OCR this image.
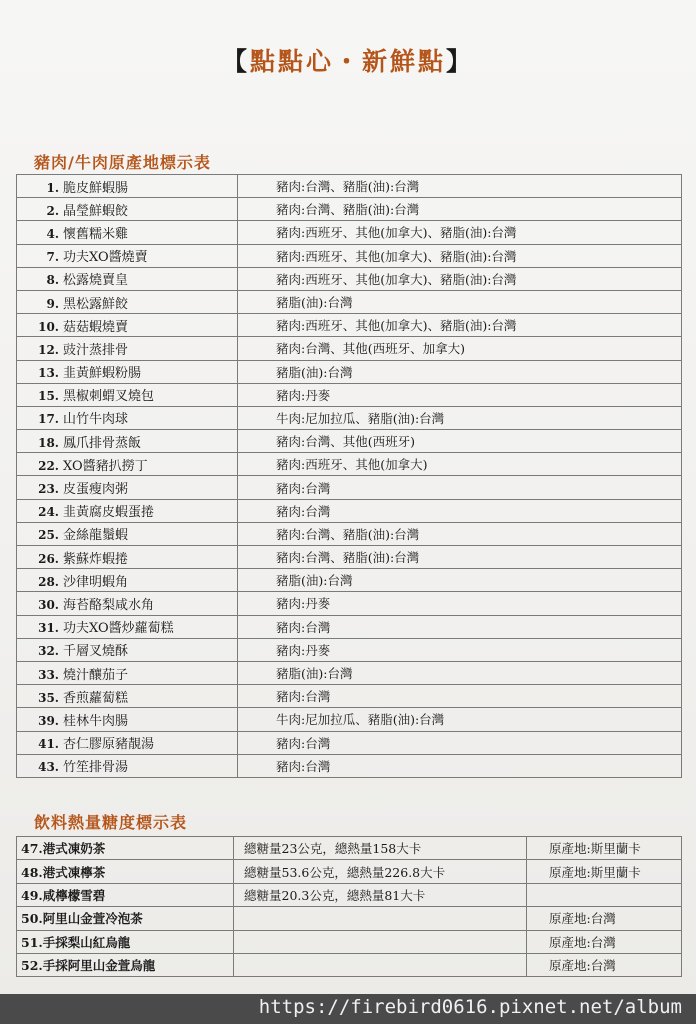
【點點心・新鮮點】
豬肉/牛肉原產地標示表
1. 脆皮鮮蝦腸	豬肉:台灣、豬脂(油):台灣
2. 晶瑩鮮蝦餃	豬肉:台灣、豬脂(油):台灣
4. 懷舊糯米雞	豬肉:西班牙、其他(加拿大)、豬脂(油):台灣
7. 功夫XO醬燒賣	豬肉:西班牙、其他(加拿大)、豬脂(油):台灣
8. 松露燒賣皇	豬肉:西班牙、其他(加拿大)、豬脂(油):台灣
9. 黑松露鮮餃	豬脂(油):台灣
10. 菇菇蝦燒賣	豬肉:西班牙、其他(加拿大)、豬脂(油):台灣
12. 豉汁蒸排骨	豬肉:台灣、其他(西班牙、加拿大)
13. 韭黃鮮蝦粉腸	豬脂(油):台灣
15. 黑椒刺蝟叉燒包	豬肉:丹麥
17. 山竹牛肉球	牛肉:尼加拉瓜、豬脂(油):台灣
18. 鳳爪排骨蒸飯	豬肉:台灣、其他(西班牙)
22. XO醬豬扒撈丁	豬肉:西班牙、其他(加拿大)
23. 皮蛋瘦肉粥	豬肉:台灣
24. 韭黃腐皮蝦蛋捲	豬肉:台灣
25. 金絲龍鬚蝦	豬肉:台灣、豬脂(油):台灣
26. 紫蘇炸蝦捲	豬肉:台灣、豬脂(油):台灣
28. 沙律明蝦角	豬脂(油):台灣
30. 海苔酪梨咸水角	豬肉:丹麥
31. 功夫XO醬炒蘿蔔糕	豬肉:台灣
32. 千層叉燒酥	豬肉:丹麥
33. 燒汁釀茄子	豬脂(油):台灣
35. 香煎蘿蔔糕	豬肉:台灣
39. 桂林牛肉腸	牛肉:尼加拉瓜、豬脂(油):台灣
41. 杏仁膠原豬靚湯	豬肉:台灣
43. 竹笙排骨湯	豬肉:台灣
飲料熱量糖度標示表
47.港式凍奶茶	總糖量23公克，總熱量158大卡	原產地:斯里蘭卡
48.港式凍檸茶	總糖量53.6公克，總熱量226.8大卡	原產地:斯里蘭卡
49.咸檸檬雪碧	總糖量20.3公克，總熱量81大卡	
50.阿里山金萱冷泡茶		原產地:台灣
51.手採梨山紅烏龍		原產地:台灣
52.手採阿里山金萱烏龍		原產地:台灣
https://firebird0616.pixnet.net/album
